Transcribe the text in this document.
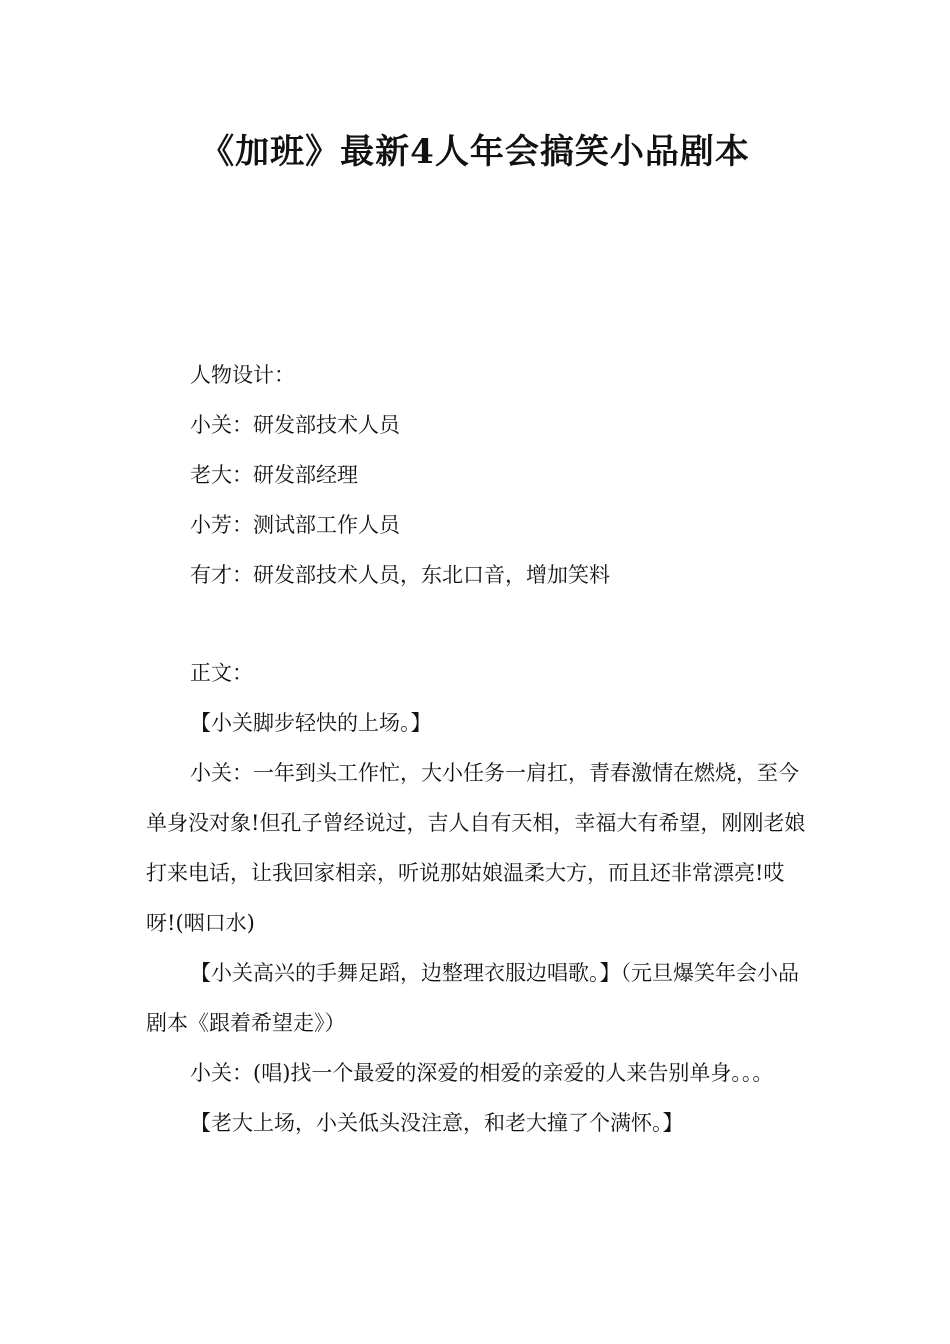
《加班》最新4人年会搞笑小品剧本

人物设计：

小关：研发部技术人员

老大：研发部经理

小芳：测试部工作人员

有才：研发部技术人员，东北口音，增加笑料

正文：

【小关脚步轻快的上场。】

小关：一年到头工作忙，大小任务一肩扛，青春激情在燃烧，至今单身没对象!但孔子曾经说过，吉人自有天相，幸福大有希望，刚刚老娘打来电话，让我回家相亲，听说那姑娘温柔大方，而且还非常漂亮!哎呀!(咽口水)

【小关高兴的手舞足蹈，边整理衣服边唱歌。】（元旦爆笑年会小品剧本《跟着希望走》）

小关：(唱)找一个最爱的深爱的相爱的亲爱的人来告别单身。。。

【老大上场，小关低头没注意，和老大撞了个满怀。】
